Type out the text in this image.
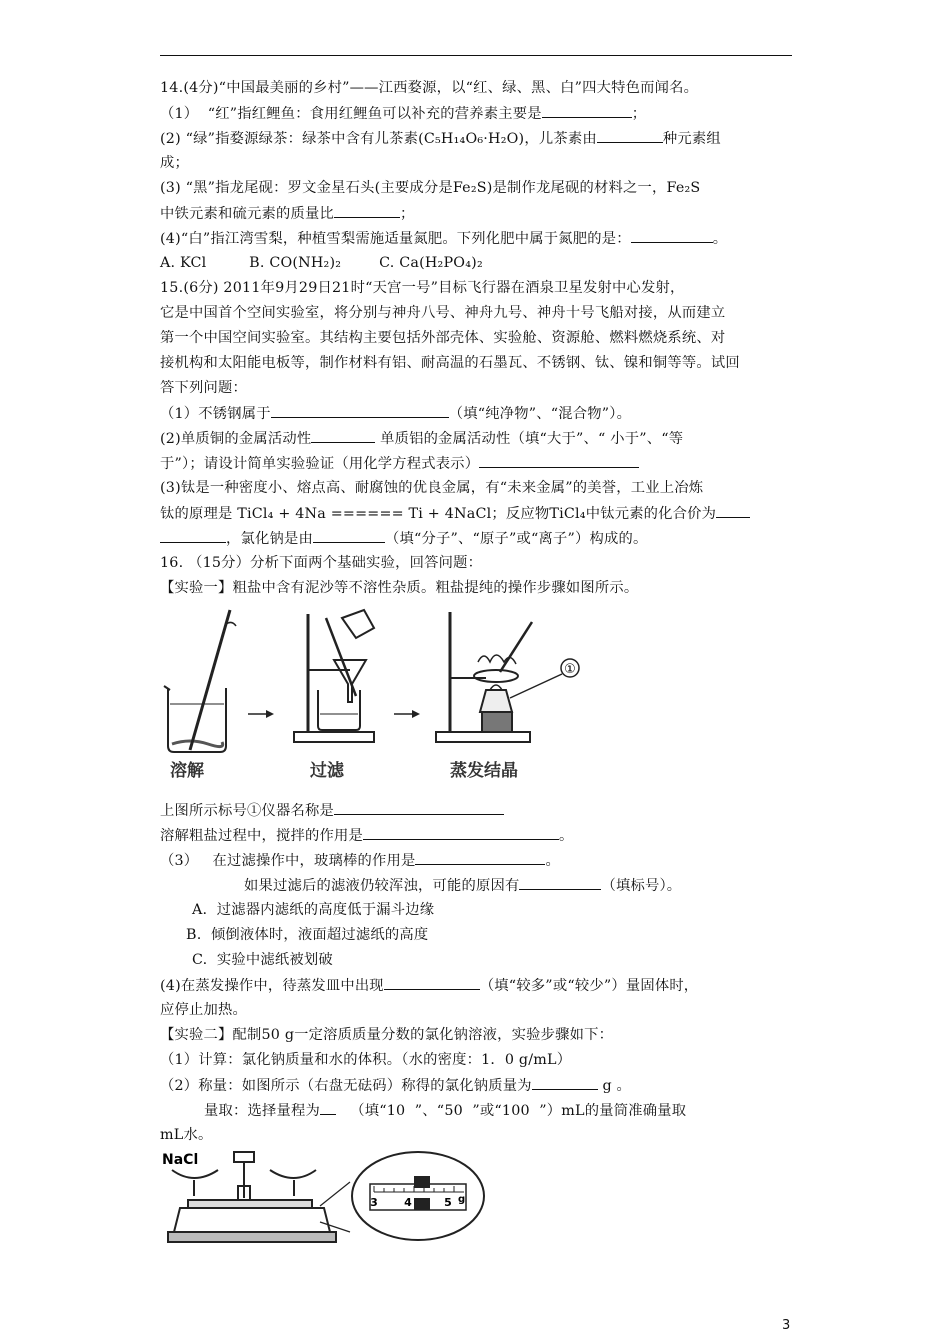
14.(4分)“中国最美丽的乡村”——江西婺源，以“红、绿、黑、白”四大特色而闻名。
（1）  “红”指红鲤鱼：食用红鲤鱼可以补充的营养素主要是	；
(2) “绿”指婺源绿茶：绿茶中含有儿茶素(C₅H₁₄O₆·H₂O)，儿茶素由	种元素组
成；
(3) “黑”指龙尾砚：罗文金星石头(主要成分是Fe₂S)是制作龙尾砚的材料之一，Fe₂S
中铁元素和硫元素的质量比	；
(4)“白”指江湾雪梨，种植雪梨需施适量氮肥。下列化肥中属于氮肥的是：	。
A. KCl         B. CO(NH₂)₂        C. Ca(H₂PO₄)₂
15.(6分) 2011年9月29日21时“天宫一号”目标飞行器在酒泉卫星发射中心发射，
它是中国首个空间实验室，将分别与神舟八号、神舟九号、神舟十号飞船对接，从而建立
第一个中国空间实验室。其结构主要包括外部壳体、实验舱、资源舱、燃料燃烧系统、对
接机构和太阳能电板等，制作材料有铝、耐高温的石墨瓦、不锈钢、钛、镍和铜等等。试回
答下列问题：
（1）不锈钢属于	（填“纯净物”、“混合物”）。
(2)单质铜的金属活动性	单质铝的金属活动性（填“大于”、“ 小于”、“等
于”）；请设计简单实验验证（用化学方程式表示）
(3)钛是一种密度小、熔点高、耐腐蚀的优良金属，有“未来金属”的美誉，工业上冶炼
钛的原理是 TiCl₄ + 4Na ====== Ti + 4NaCl；反应物TiCl₄中钛元素的化合价为
，氯化钠是由	（填“分子”、“原子”或“离子”）构成的。
16. （15分）分析下面两个基础实验，回答问题：
【实验一】粗盐中含有泥沙等不溶性杂质。粗盐提纯的操作步骤如图所示。
①
溶解	过滤	蒸发结晶
上图所示标号①仪器名称是
溶解粗盐过程中，搅拌的作用是	。
（3）   在过滤操作中，玻璃棒的作用是	。
如果过滤后的滤液仍较浑浊，可能的原因有	（填标号）。
A.  过滤器内滤纸的高度低于漏斗边缘
B.  倾倒液体时，液面超过滤纸的高度
C.  实验中滤纸被划破
(4)在蒸发操作中，待蒸发皿中出现	（填“较多”或“较少”）量固体时，
应停止加热。
【实验二】配制50 g一定溶质质量分数的氯化钠溶液，实验步骤如下：
（1）计算：氯化钠质量和水的体积。（水的密度：1．0 g/mL）
（2）称量：如图所示（右盘无砝码）称得的氯化钠质量为	g 。
量取：选择量程为   （填“10  ”、“50  ”或“100  ”）mL的量筒准确量取
mL水。
NaCl
3 4	5 g
3
